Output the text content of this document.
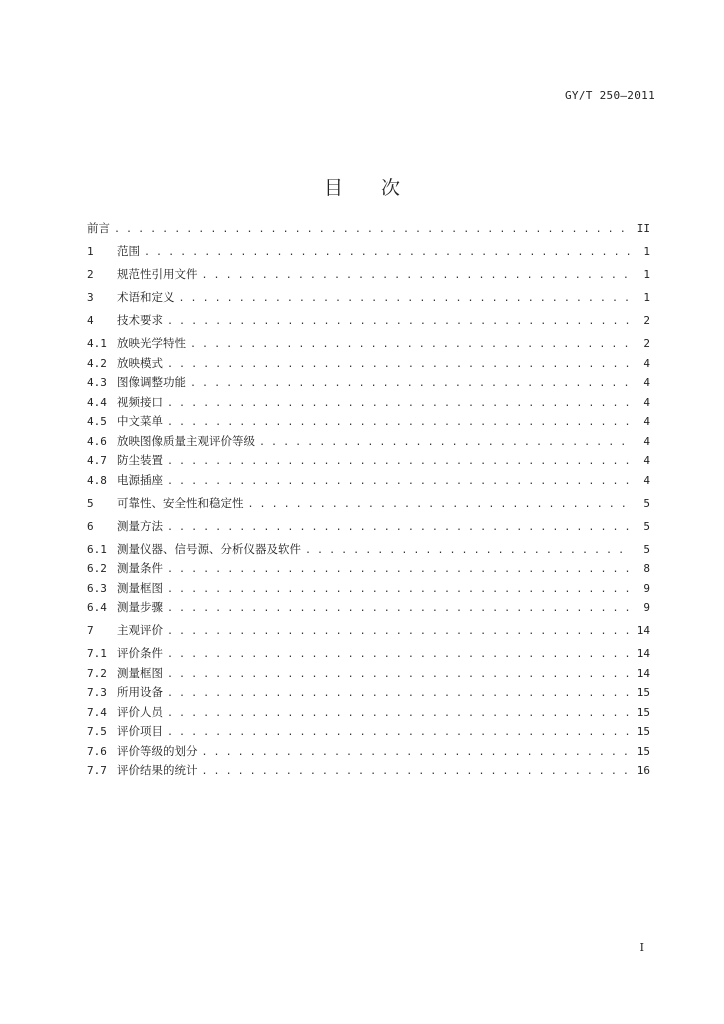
GY/T 250—2011
目 次
前言 . . .	II
1	范围 . . .	1
2	规范性引用文件 . . .	1
3	术语和定义 . . .	1
4	技术要求 . . .	2
4.1 放映光学特性 . . .	2
4.2 放映模式 . . .	4
4.3 图像调整功能 . . .	4
4.4 视频接口 . . .	4
4.5 中文菜单 . . .	4
4.6 放映图像质量主观评价等级 . . .	4
4.7 防尘装置 . . .	4
4.8 电源插座 . . .	4
5	可靠性、安全性和稳定性 . . .	5
6	测量方法 . . .	5
6.1 测量仪器、信号源、分析仪器及软件 . . .	5
6.2 测量条件 . . .	8
6.3 测量框图 . . .	9
6.4 测量步骤 . . .	9
7	主观评价 . . .	14
7.1 评价条件 . . .	14
7.2 测量框图 . . .	14
7.3 所用设备 . . .	15
7.4 评价人员 . . .	15
7.5 评价项目 . . .	15
7.6 评价等级的划分 . . .	15
7.7 评价结果的统计 . . .	16
I
